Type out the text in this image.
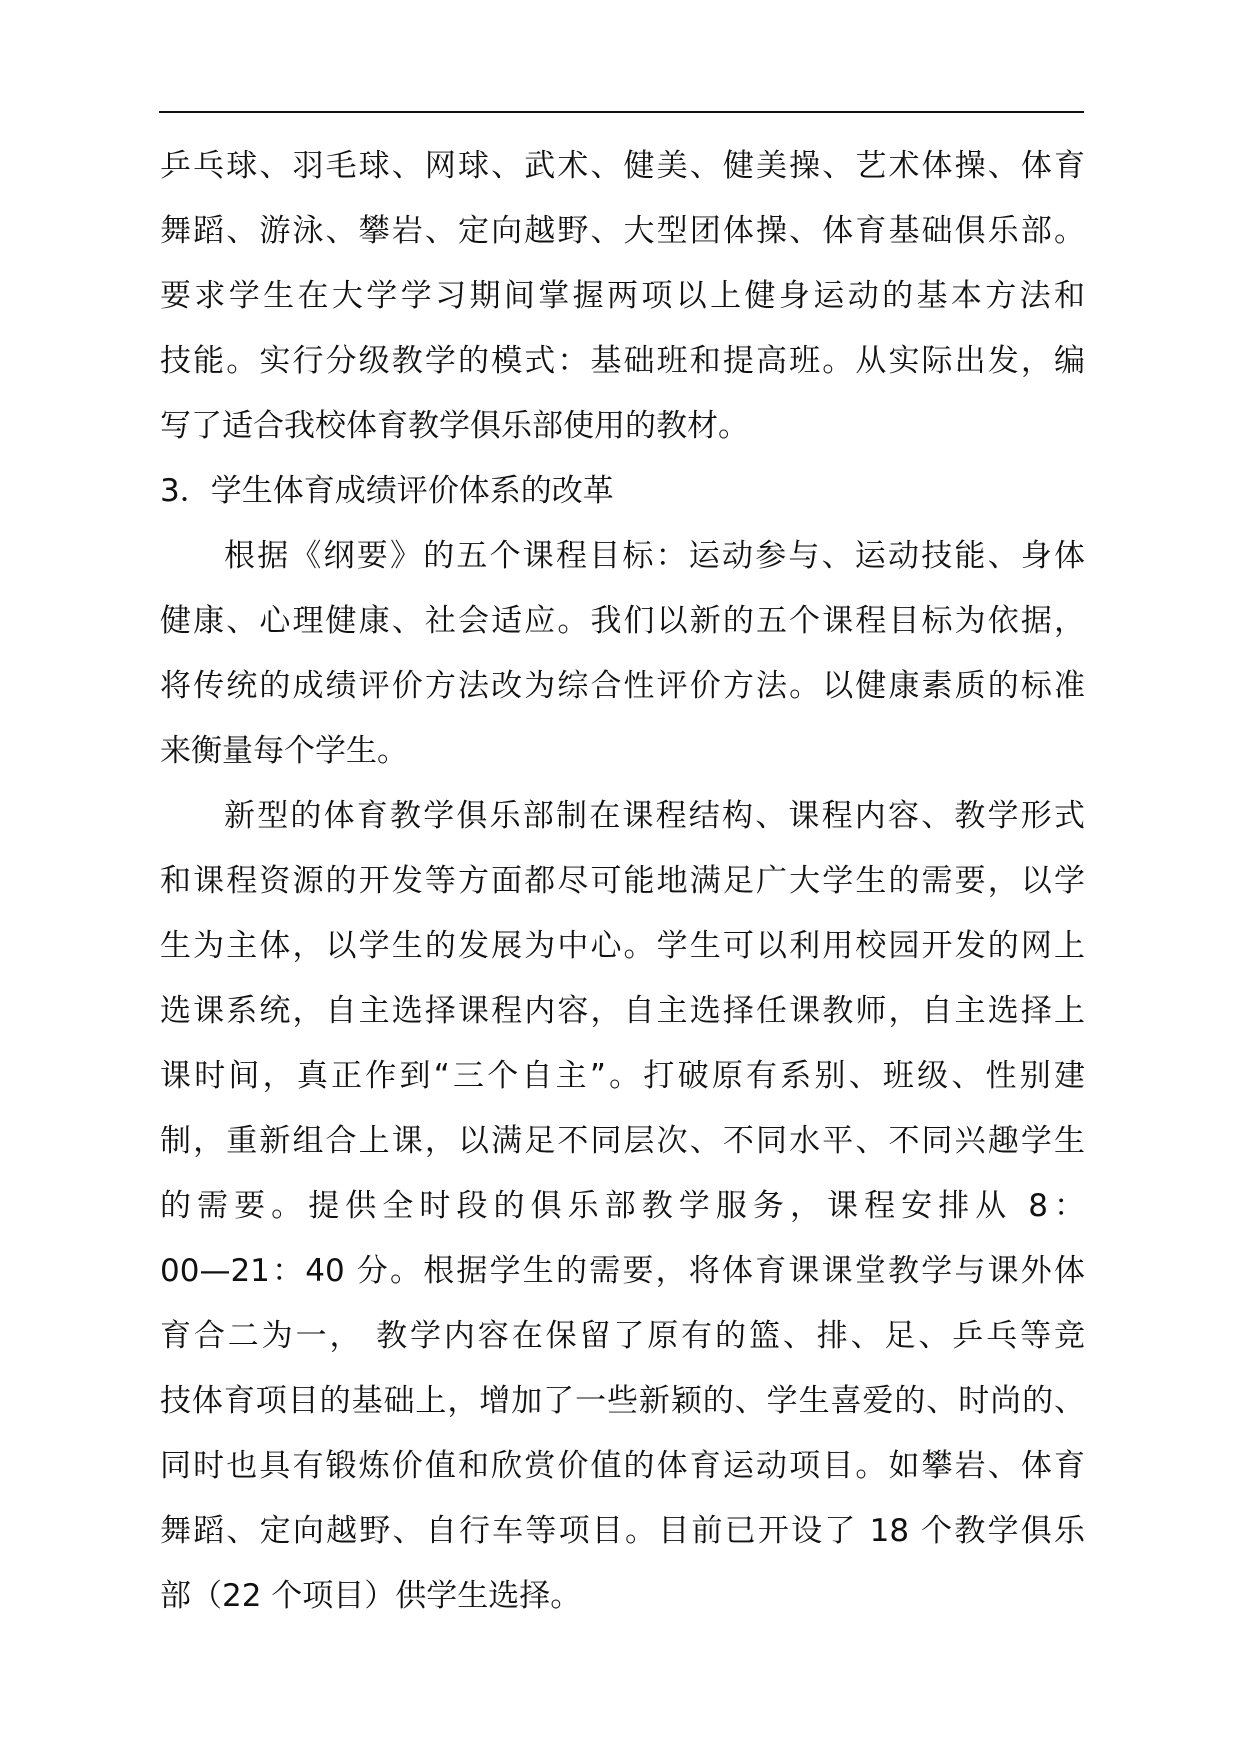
乒乓球、羽毛球、网球、武术、健美、健美操、艺术体操、体育
舞蹈、游泳、攀岩、定向越野、大型团体操、体育基础俱乐部。
要求学生在大学学习期间掌握两项以上健身运动的基本方法和
技能。实行分级教学的模式：基础班和提高班。从实际出发，编
写了适合我校体育教学俱乐部使用的教材。
3．学生体育成绩评价体系的改革
根据《纲要》的五个课程目标：运动参与、运动技能、身体
健康、心理健康、社会适应。我们以新的五个课程目标为依据，
将传统的成绩评价方法改为综合性评价方法。以健康素质的标准
来衡量每个学生。
新型的体育教学俱乐部制在课程结构、课程内容、教学形式
和课程资源的开发等方面都尽可能地满足广大学生的需要，以学
生为主体，以学生的发展为中心。学生可以利用校园开发的网上
选课系统，自主选择课程内容，自主选择任课教师，自主选择上
课时间，真正作到“三个自主”。打破原有系别、班级、性别建
制，重新组合上课，以满足不同层次、不同水平、不同兴趣学生
的需要。提供全时段的俱乐部教学服务，课程安排从 8：
00—21：40 分。根据学生的需要，将体育课课堂教学与课外体
育合二为一， 教学内容在保留了原有的篮、排、足、乒乓等竞
技体育项目的基础上，增加了一些新颖的、学生喜爱的、时尚的、
同时也具有锻炼价值和欣赏价值的体育运动项目。如攀岩、体育
舞蹈、定向越野、自行车等项目。目前已开设了 18 个教学俱乐
部（22 个项目）供学生选择。
